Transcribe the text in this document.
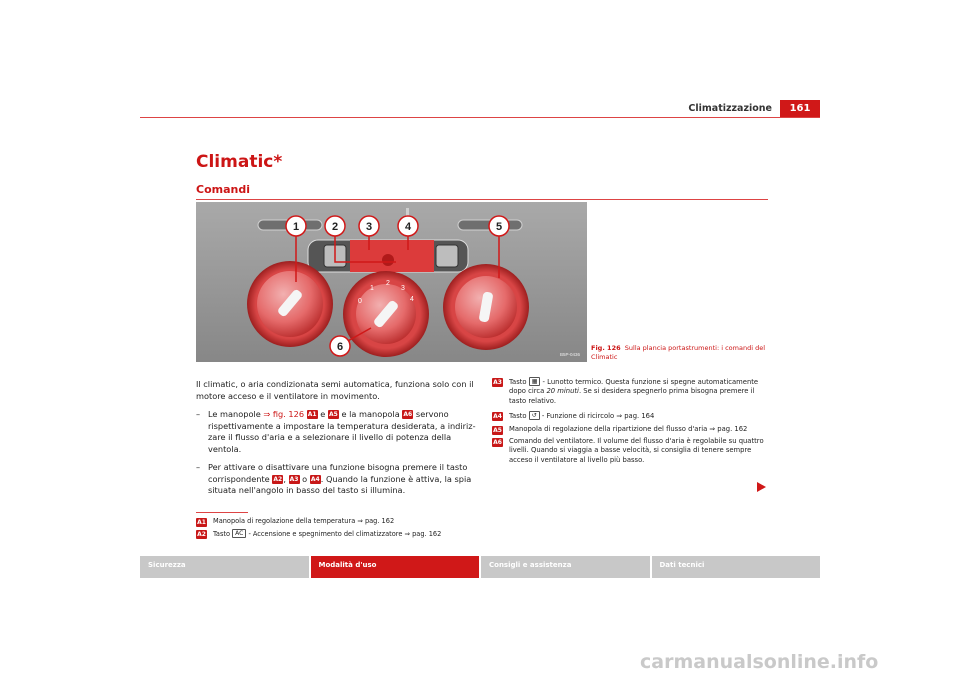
Climatizzazione	161
Climatic*
Comandi
0
1
2
3
4
1	2	3	4	5
6
B5P-0436
Fig. 126 Sulla plancia portastrumenti: i comandi del Climatic

Il climatic, o aria condizionata semi automatica, funziona solo con il motore acceso e il ventilatore in movimento.

– Le manopole ⇒ fig. 126 A1 e A5 e la manopola A6 servono rispettivamente a impostare la temperatura desiderata, a indiriz-zare il flusso d'aria e a selezionare il livello di potenza della ventola.
– Per attivare o disattivare una funzione bisogna premere il tasto corrispondente A2, A3 o A4. Quando la funzione è attiva, la spia situata nell'angolo in basso del tasto si illumina.
A1 Manopola di regolazione della temperatura ⇒ pag. 162
A2 Tasto AC - Accensione e spegnimento del climatizzatore ⇒ pag. 162
A3 Tasto ▦ - Lunotto termico. Questa funzione si spegne automaticamente dopo circa 20 minuti. Se si desidera spegnerlo prima bisogna premere il tasto relativo.
A4 Tasto ↺ - Funzione di ricircolo ⇒ pag. 164
A5 Manopola di regolazione della ripartizione del flusso d'aria ⇒ pag. 162
A6 Comando del ventilatore. Il volume del flusso d'aria è regolabile su quattro livelli. Quando si viaggia a basse velocità, si consiglia di tenere sempre acceso il ventilatore al livello più basso.
Sicurezza	Modalità d'uso	Consigli e assistenza	Dati tecnici
carmanualsonline.info
